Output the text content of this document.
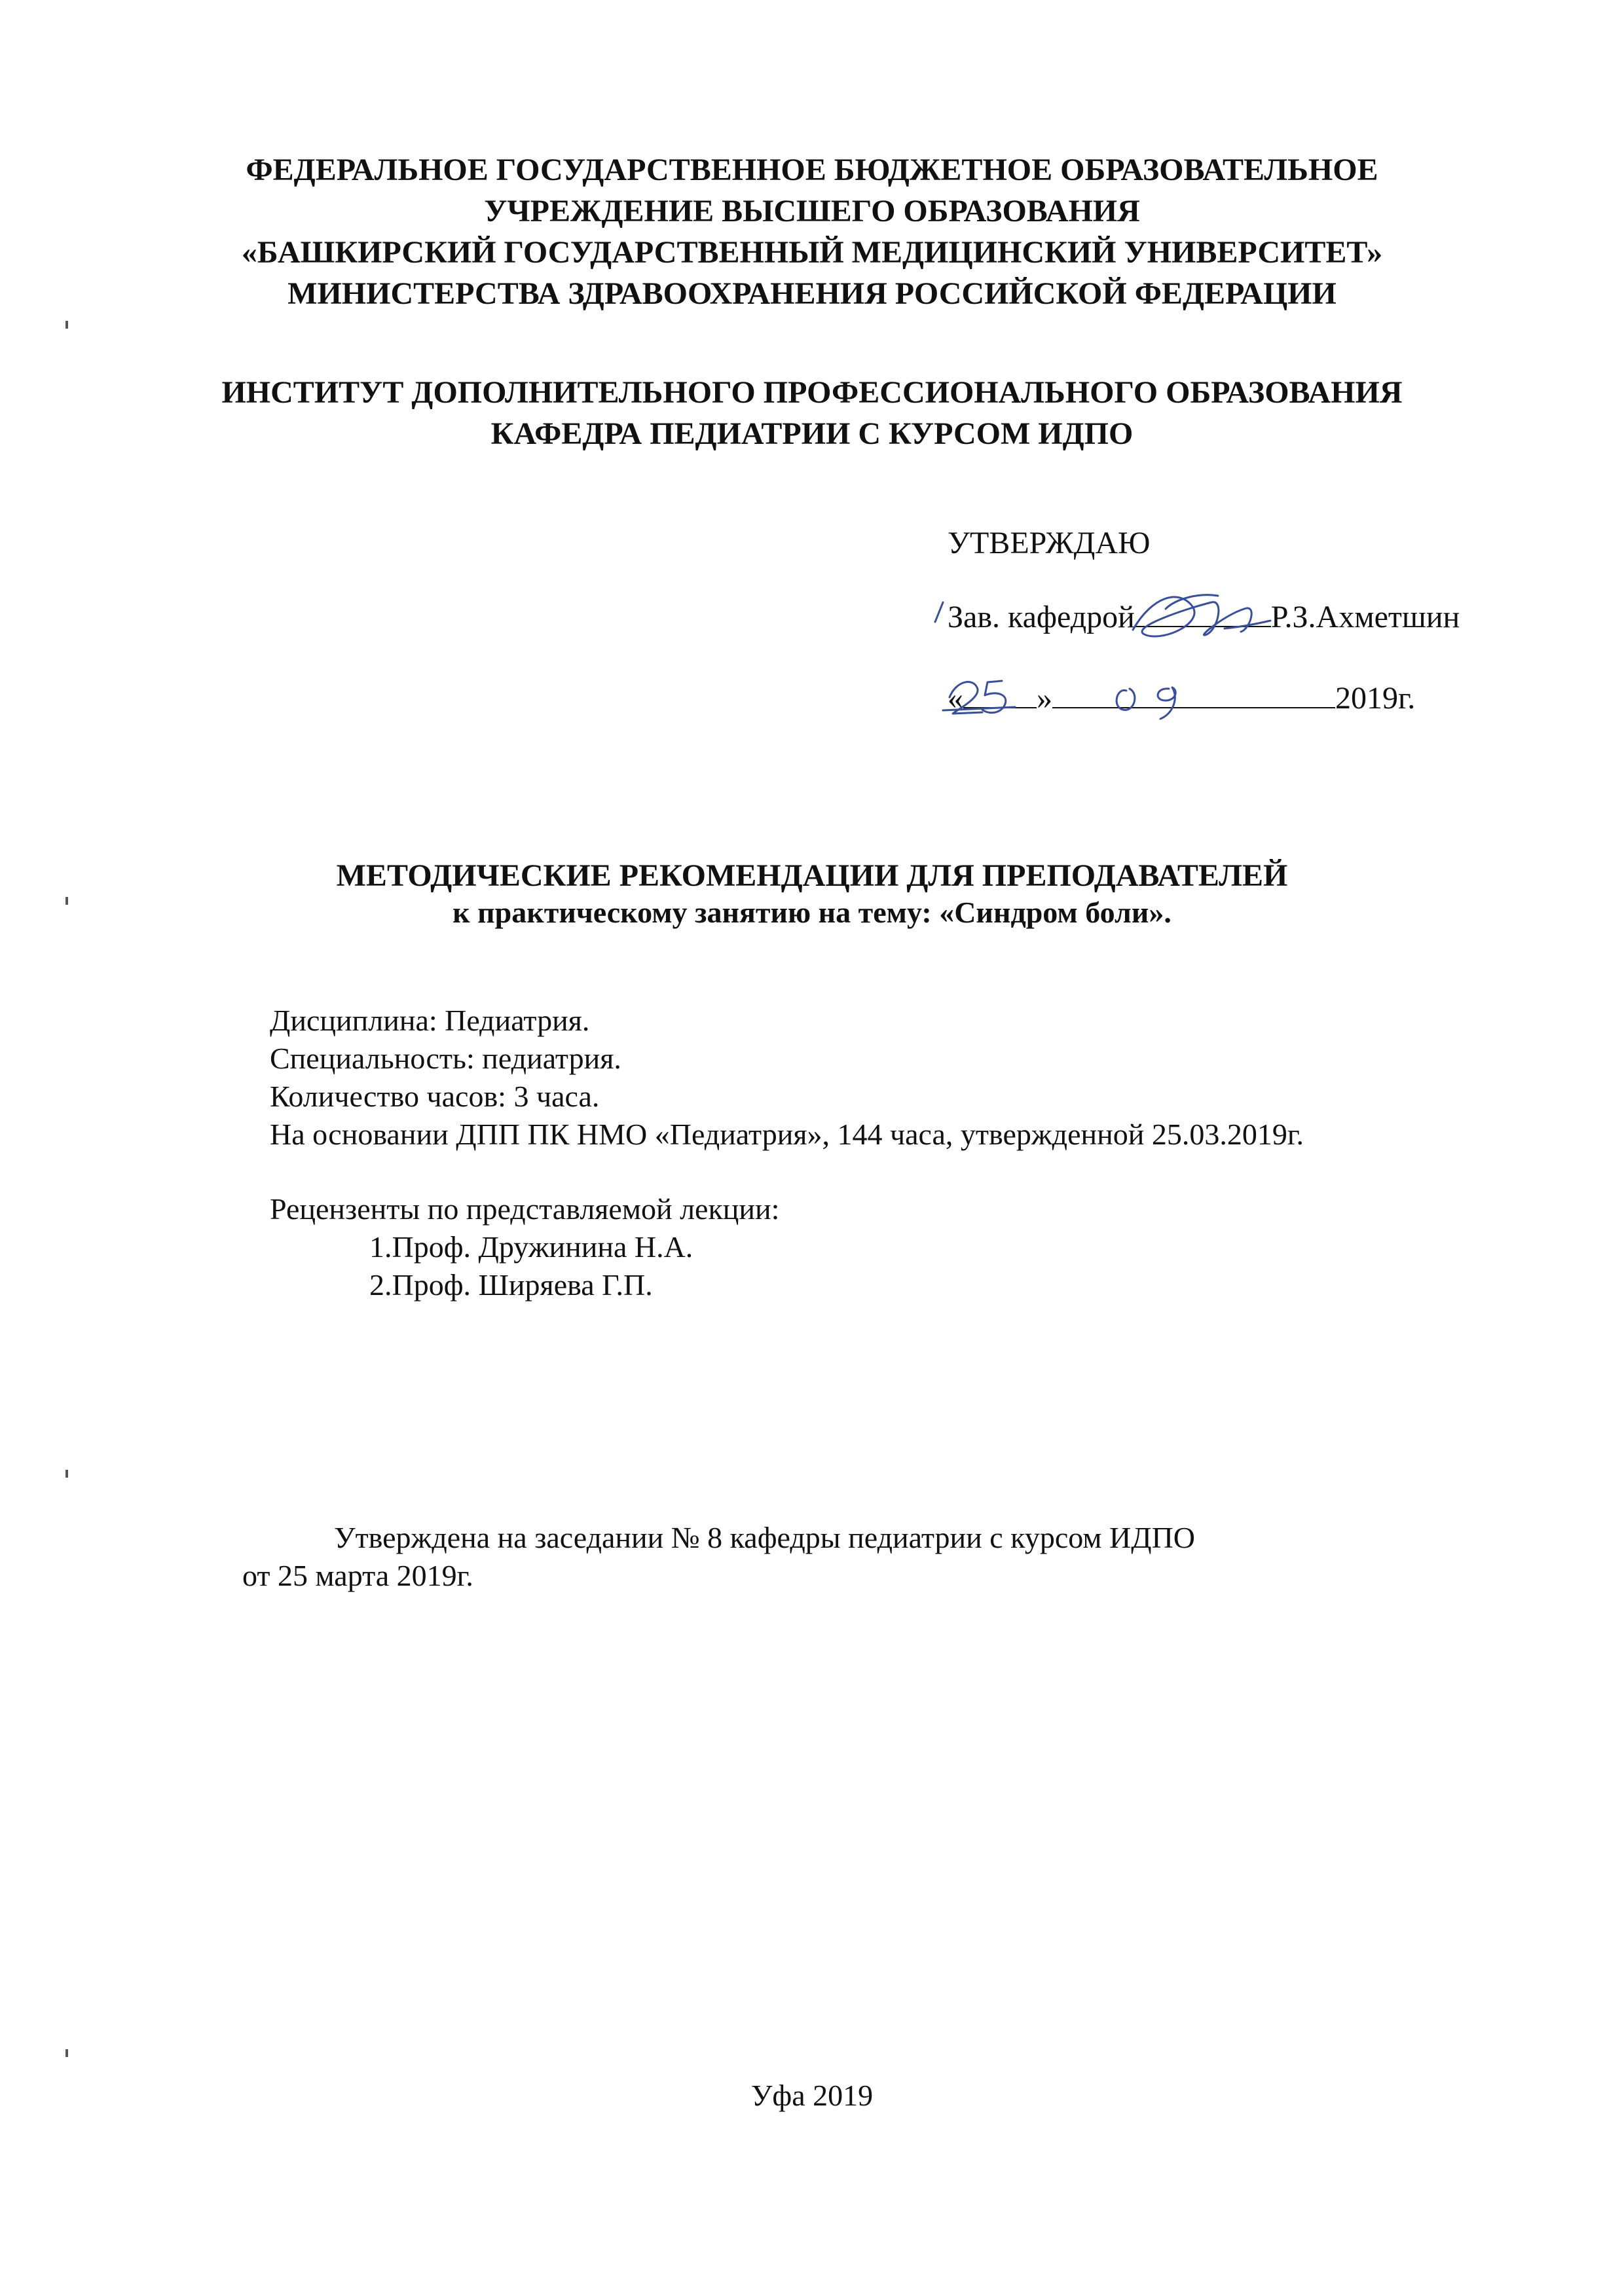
ФЕДЕРАЛЬНОЕ ГОСУДАРСТВЕННОЕ БЮДЖЕТНОЕ ОБРАЗОВАТЕЛЬНОЕ
УЧРЕЖДЕНИЕ ВЫСШЕГО ОБРАЗОВАНИЯ
«БАШКИРСКИЙ ГОСУДАРСТВЕННЫЙ МЕДИЦИНСКИЙ УНИВЕРСИТЕТ»
МИНИСТЕРСТВА ЗДРАВООХРАНЕНИЯ РОССИЙСКОЙ ФЕДЕРАЦИИ
ИНСТИТУТ ДОПОЛНИТЕЛЬНОГО ПРОФЕССИОНАЛЬНОГО ОБРАЗОВАНИЯ
КАФЕДРА ПЕДИАТРИИ С КУРСОМ ИДПО
УТВЕРЖДАЮ
Зав. кафедрой	Р.З.Ахметшин
« »	2019г.
МЕТОДИЧЕСКИЕ РЕКОМЕНДАЦИИ ДЛЯ ПРЕПОДАВАТЕЛЕЙ
к практическому занятию на тему: «Синдром боли».
Дисциплина: Педиатрия.
Специальность: педиатрия.
Количество часов: 3 часа.
На основании ДПП ПК НМО «Педиатрия», 144 часа, утвержденной 25.03.2019г.
Рецензенты по представляемой лекции:
1.Проф. Дружинина Н.А.
2.Проф. Ширяева Г.П.
Утверждена на заседании № 8 кафедры педиатрии с курсом ИДПО
от 25 марта 2019г.
Уфа 2019
